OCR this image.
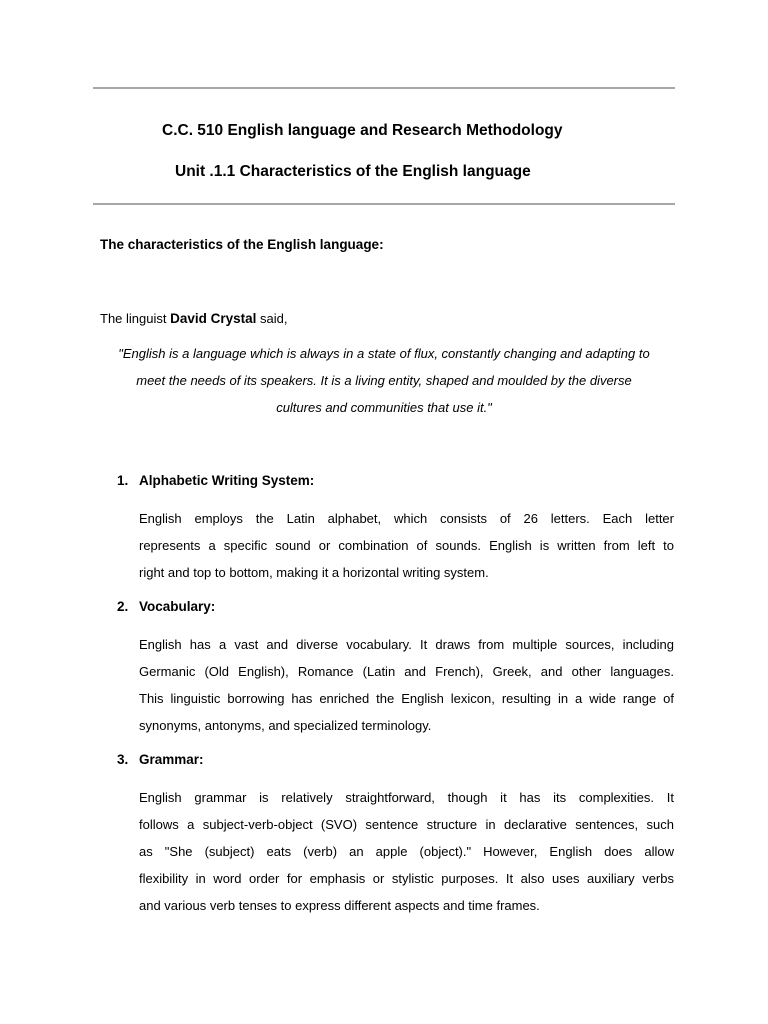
C.C. 510 English language and Research Methodology
Unit .1.1 Characteristics of the English language
The characteristics of the English language:
The linguist David Crystal said,
"English is a language which is always in a state of flux, constantly changing and adapting to
meet the needs of its speakers. It is a living entity, shaped and moulded by the diverse
cultures and communities that use it."
1. Alphabetic Writing System:
English employs the Latin alphabet, which consists of 26 letters. Each letter
represents a specific sound or combination of sounds. English is written from left to
right and top to bottom, making it a horizontal writing system.
2. Vocabulary:
English has a vast and diverse vocabulary. It draws from multiple sources, including
Germanic (Old English), Romance (Latin and French), Greek, and other languages.
This linguistic borrowing has enriched the English lexicon, resulting in a wide range of
synonyms, antonyms, and specialized terminology.
3. Grammar:
English grammar is relatively straightforward, though it has its complexities. It
follows a subject-verb-object (SVO) sentence structure in declarative sentences, such
as "She (subject) eats (verb) an apple (object)." However, English does allow
flexibility in word order for emphasis or stylistic purposes. It also uses auxiliary verbs
and various verb tenses to express different aspects and time frames.
